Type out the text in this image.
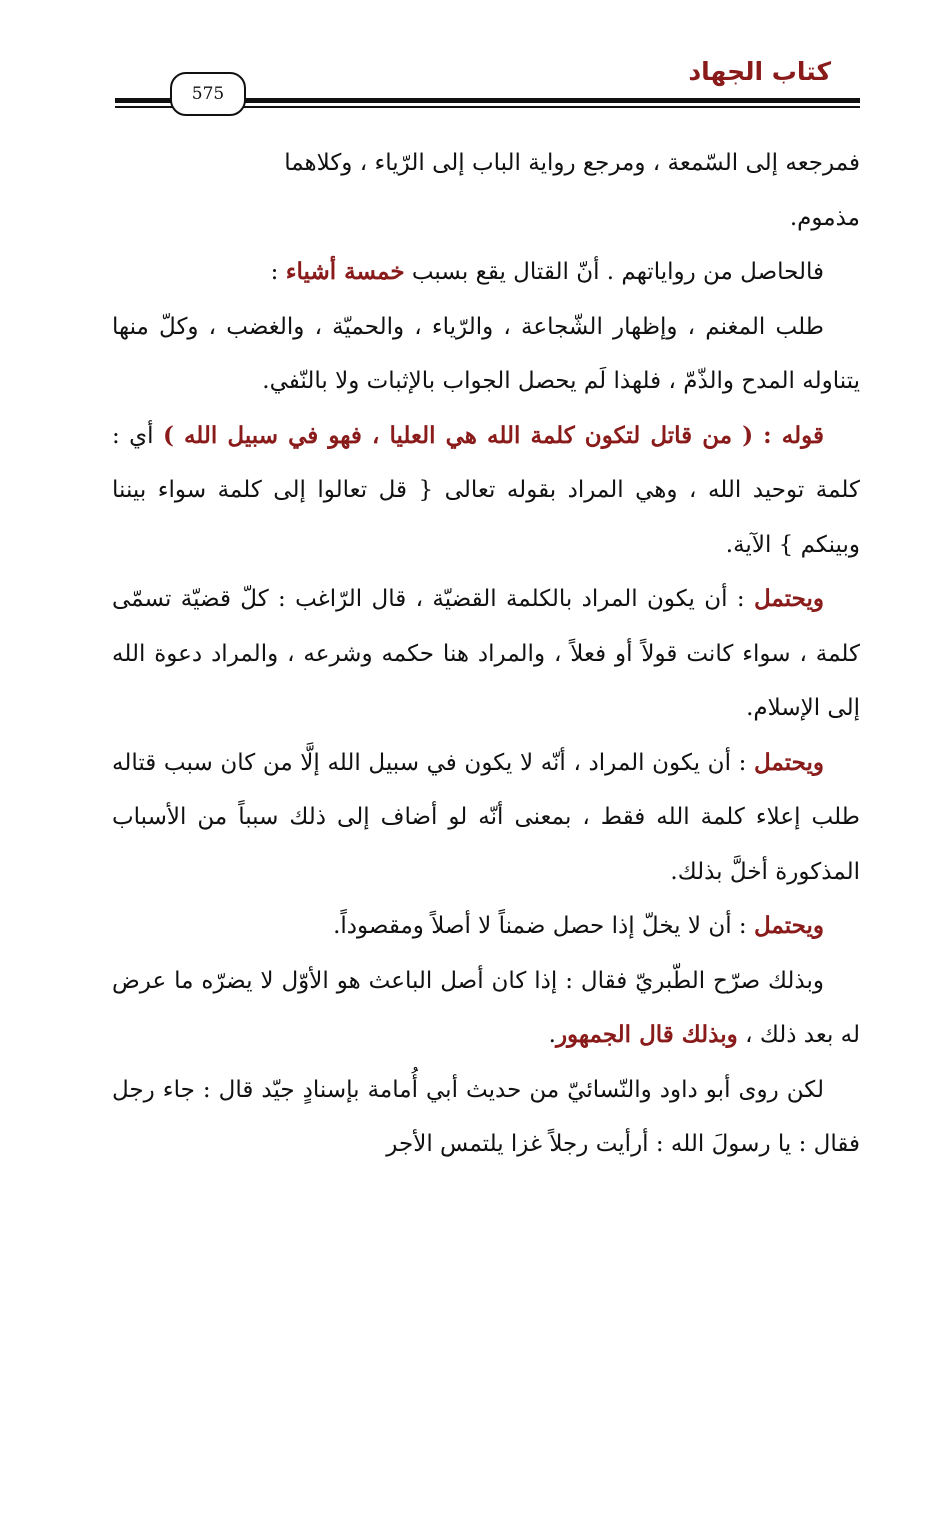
كتاب الجهاد
575

فمرجعه إلى السّمعة ، ومرجع رواية الباب إلى الرّياء ، وكلاهما
مذموم.

فالحاصل من رواياتهم . أنّ القتال يقع بسبب خمسة أشياء :

طلب المغنم ، وإظهار الشّجاعة ، والرّياء ، والحميّة ، والغضب ، وكلّ منها يتناوله المدح والذّمّ ، فلهذا لَم يحصل الجواب بالإثبات ولا بالنّفي.

قوله : ( من قاتل لتكون كلمة الله هي العليا ، فهو في سبيل الله ) أي : كلمة توحيد الله ، وهي المراد بقوله تعالى { قل تعالوا إلى كلمة سواء بيننا وبينكم } الآية.

ويحتمل : أن يكون المراد بالكلمة القضيّة ، قال الرّاغب : كلّ قضيّة تسمّى كلمة ، سواء كانت قولاً أو فعلاً ، والمراد هنا حكمه وشرعه ، والمراد دعوة الله إلى الإسلام.

ويحتمل : أن يكون المراد ، أنّه لا يكون في سبيل الله إلَّا من كان سبب قتاله طلب إعلاء كلمة الله فقط ، بمعنى أنّه لو أضاف إلى ذلك سبباً من الأسباب المذكورة أخلَّ بذلك.

ويحتمل : أن لا يخلّ إذا حصل ضمناً لا أصلاً ومقصوداً.

وبذلك صرّح الطّبريّ فقال : إذا كان أصل الباعث هو الأوّل لا يضرّه ما عرض له بعد ذلك ، وبذلك قال الجمهور.

لكن روى أبو داود والنّسائيّ من حديث أبي أُمامة بإسنادٍ جيّد قال : جاء رجل فقال : يا رسولَ الله : أرأيت رجلاً غزا يلتمس الأجر
